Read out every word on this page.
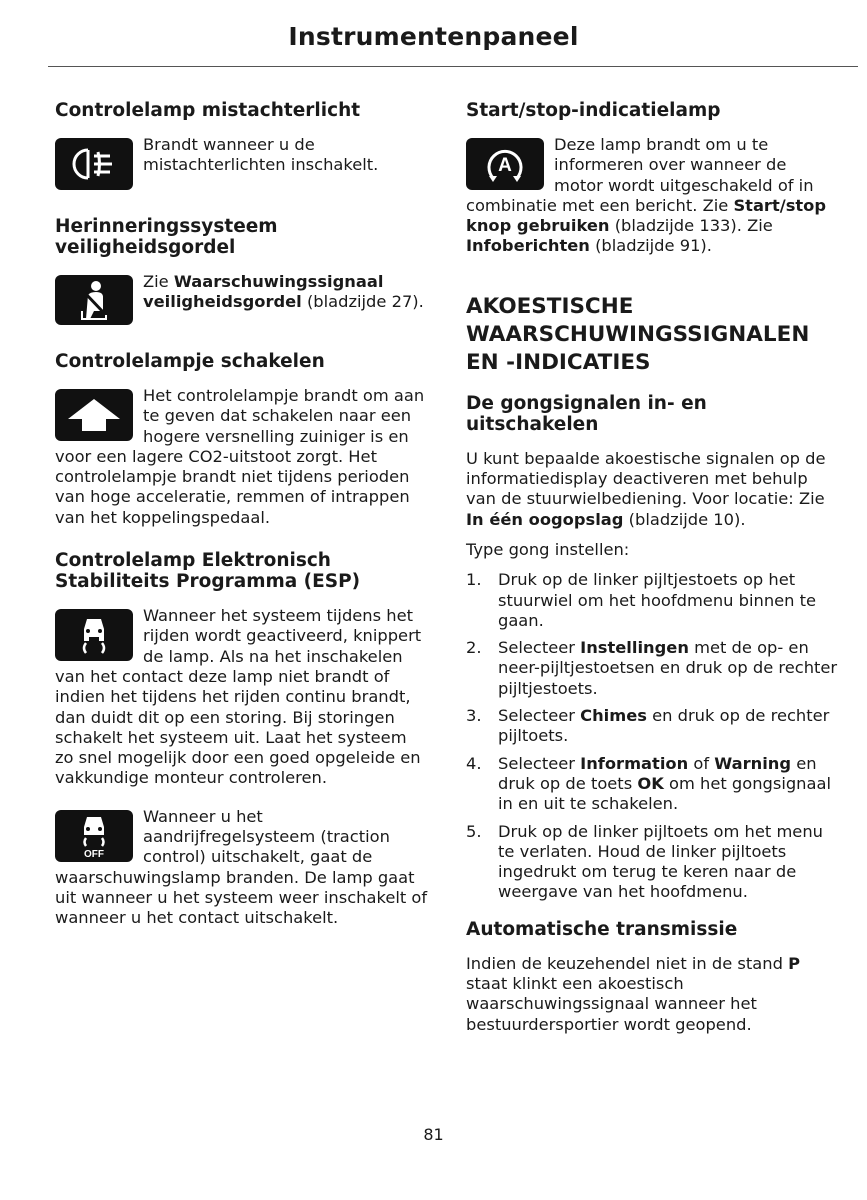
Instrumentenpaneel
Controlelamp mistachterlicht

Brandt wanneer u de mistachterlichten inschakelt.

Herinneringssysteem veiligheidsgordel

Zie Waarschuwingssignaal veiligheidsgordel (bladzijde 27).

Controlelampje schakelen

Het controlelampje brandt om aan te geven dat schakelen naar een hogere versnelling zuiniger is en voor een lagere CO2-uitstoot zorgt. Het controlelampje brandt niet tijdens perioden van hoge acceleratie, remmen of intrappen van het koppelingspedaal.

Controlelamp Elektronisch Stabiliteits Programma (ESP)

Wanneer het systeem tijdens het rijden wordt geactiveerd, knippert de lamp. Als na het inschakelen van het contact deze lamp niet brandt of indien het tijdens het rijden continu brandt, dan duidt dit op een storing. Bij storingen schakelt het systeem uit. Laat het systeem zo snel mogelijk door een goed opgeleide en vakkundige monteur controleren.

OFF

Wanneer u het aandrijfregelsysteem (traction control) uitschakelt, gaat de waarschuwingslamp branden. De lamp gaat uit wanneer u het systeem weer inschakelt of wanneer u het contact uitschakelt.

Start/stop-indicatielamp
A

Deze lamp brandt om u te informeren over wanneer de motor wordt uitgeschakeld of in combinatie met een bericht. Zie Start/stop knop gebruiken (bladzijde 133). Zie Infoberichten (bladzijde 91).

AKOESTISCHE WAARSCHUWINGSSIGNALEN EN -INDICATIES
De gongsignalen in- en uitschakelen

U kunt bepaalde akoestische signalen op de informatiedisplay deactiveren met behulp van de stuurwielbediening. Voor locatie: Zie In één oogopslag (bladzijde 10).

Type gong instellen:

1. Druk op de linker pijltjestoets op het stuurwiel om het hoofdmenu binnen te gaan.
2. Selecteer Instellingen met de op- en neer-pijltjestoetsen en druk op de rechter pijltjestoets.
3. Selecteer Chimes en druk op de rechter pijltoets.
4. Selecteer Information of Warning en druk op de toets OK om het gongsignaal in en uit te schakelen.
5. Druk op de linker pijltoets om het menu te verlaten. Houd de linker pijltoets ingedrukt om terug te keren naar de weergave van het hoofdmenu.
Automatische transmissie

Indien de keuzehendel niet in de stand P staat klinkt een akoestisch waarschuwingssignaal wanneer het bestuurdersportier wordt geopend.

81
